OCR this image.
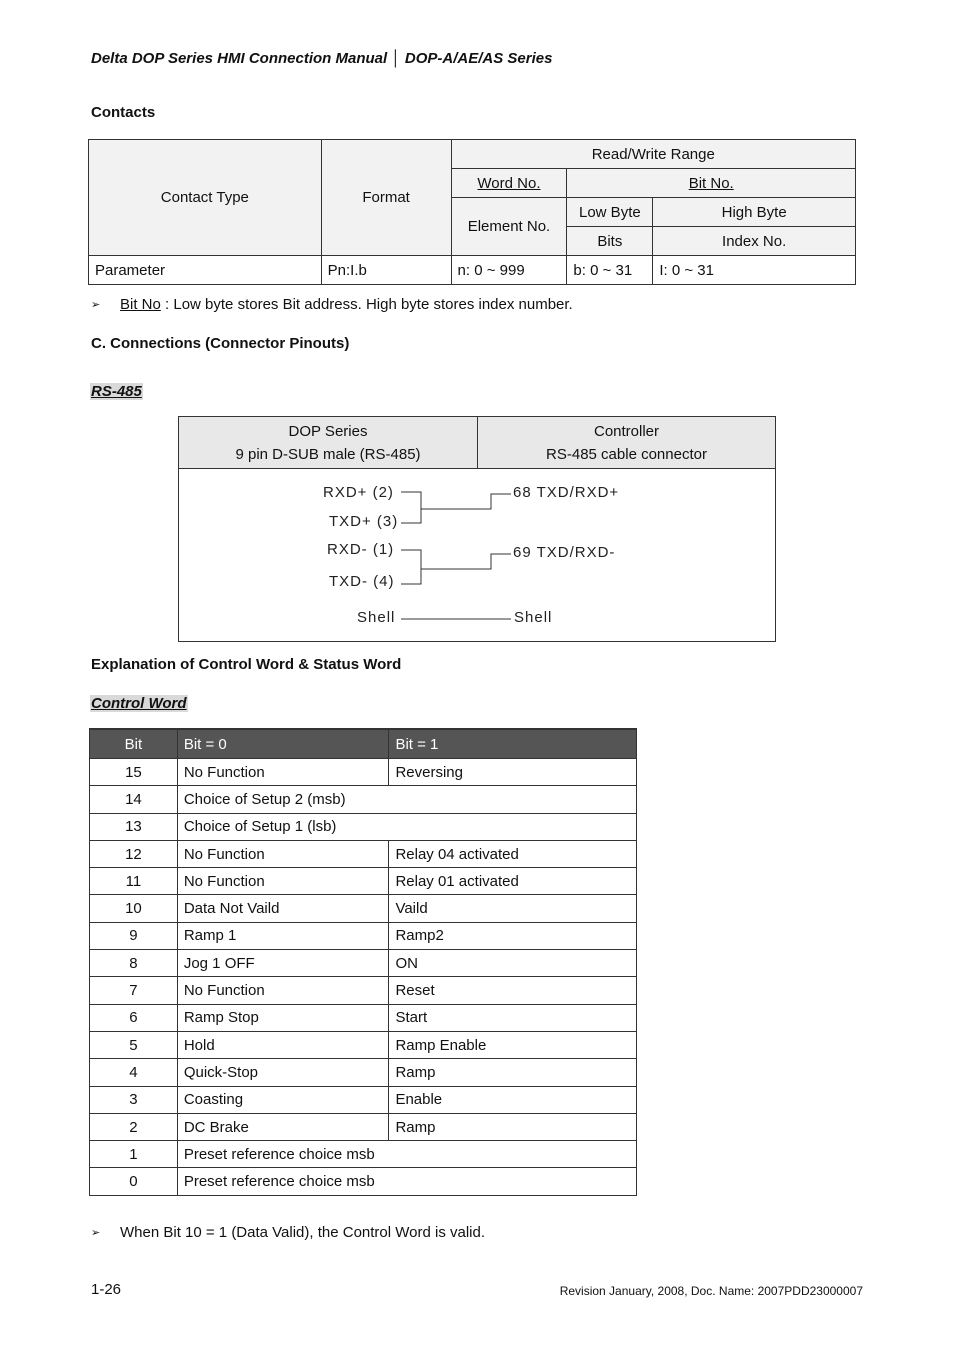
Delta DOP Series HMI Connection Manual │ DOP-A/AE/AS Series
Contacts
Contact Type	Format	Read/Write Range		
		Word No.	Bit No.	
		Element No.	Low Byte	High Byte
			Bits	Index No.
Parameter	Pn:I.b	n: 0 ~ 999	b: 0 ~ 31	I: 0 ~ 31
➢	Bit No : Low byte stores Bit address. High byte stores index number.
C. Connections (Connector Pinouts)
RS-485
DOP Series
9 pin D-SUB male (RS-485)
Controller
RS-485 cable connector
RXD+ (2)
TXD+ (3)
RXD- (1)
TXD- (4)
Shell
68 TXD/RXD+
69 TXD/RXD-
Shell
Explanation of Control Word & Status Word
Control Word
Bit	Bit = 0	Bit = 1
15	No Function	Reversing
14	Choice of Setup 2 (msb)	
13	Choice of Setup 1 (lsb)	
12	No Function	Relay 04 activated
11	No Function	Relay 01 activated
10	Data Not Vaild	Vaild
9	Ramp 1	Ramp2
8	Jog 1 OFF	ON
7	No Function	Reset
6	Ramp Stop	Start
5	Hold	Ramp Enable
4	Quick-Stop	Ramp
3	Coasting	Enable
2	DC Brake	Ramp
1	Preset reference choice msb	
0	Preset reference choice msb	
➢	When Bit 10 = 1 (Data Valid), the Control Word is valid.
1-26	Revision January, 2008, Doc. Name: 2007PDD23000007
